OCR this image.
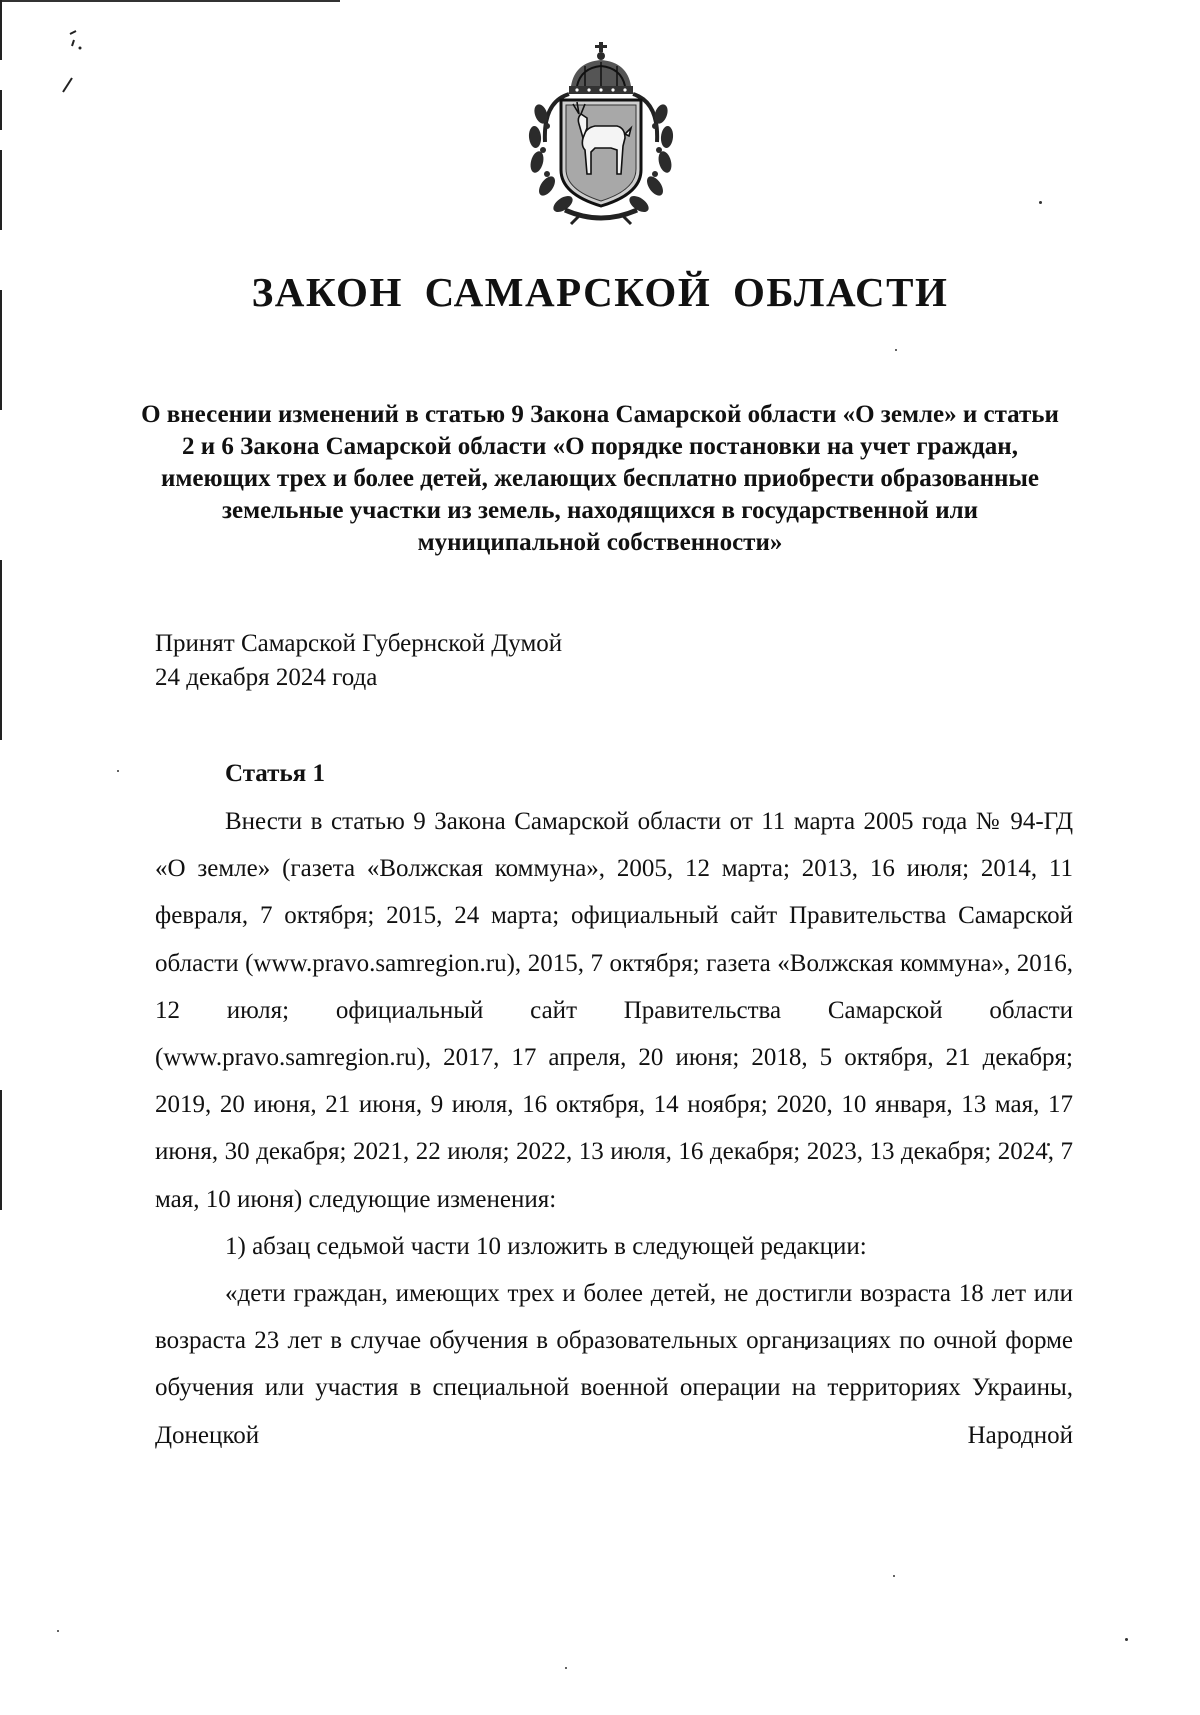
ЗАКОН САМАРСКОЙ ОБЛАСТИ
О внесении изменений в статью 9 Закона Самарской области «О земле» и статьи 2 и 6 Закона Самарской области «О порядке постановки на учет граждан, имеющих трех и более детей, желающих бесплатно приобрести образованные земельные участки из земель, находящихся в государственной или муниципальной собственности»
Принят Самарской Губернской Думой
24 декабря 2024 года
Статья 1

Внести в статью 9 Закона Самарской области от 11 марта 2005 года № 94-ГД «О земле» (газета «Волжская коммуна», 2005, 12 марта; 2013, 16 июля; 2014, 11 февраля, 7 октября; 2015, 24 марта; официальный сайт Правительства Самарской области (www.pravo.samregion.ru), 2015, 7 октября; газета «Волжская коммуна», 2016, 12 июля; официальный сайт Правительства Самарской области (www.pravo.samregion.ru), 2017, 17 апреля, 20 июня; 2018, 5 октября, 21 декабря; 2019, 20 июня, 21 июня, 9 июля, 16 октября, 14 ноября; 2020, 10 января, 13 мая, 17 июня, 30 декабря; 2021, 22 июля; 2022, 13 июля, 16 декабря; 2023, 13 декабря; 2024, 7 мая, 10 июня) следующие изменения:

1) абзац седьмой части 10 изложить в следующей редакции:

«дети граждан, имеющих трех и более детей, не достигли возраста 18 лет или возраста 23 лет в случае обучения в образовательных организациях по очной форме обучения или участия в специальной военной операции на территориях Украины, Донецкой Народной
